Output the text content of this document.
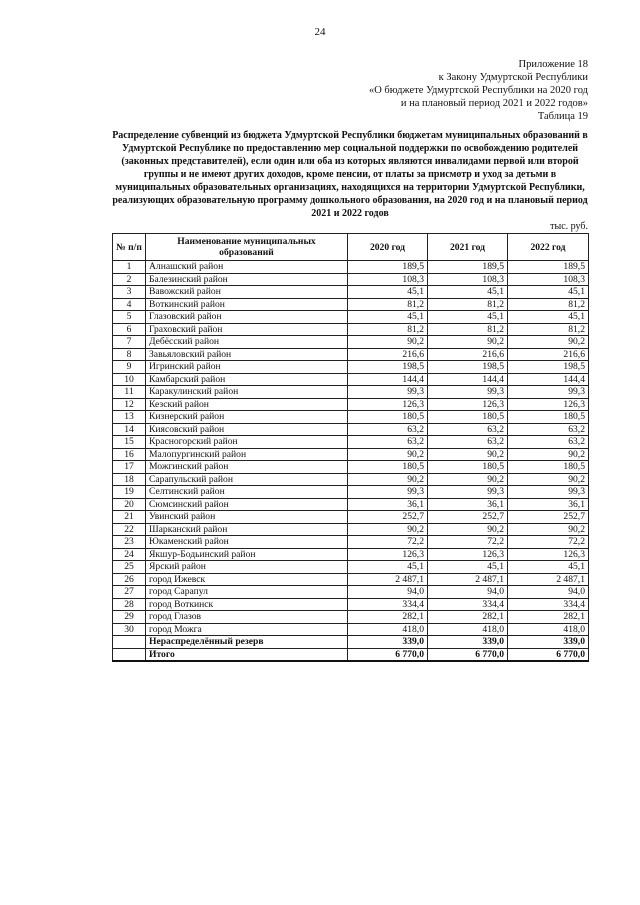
24
Приложение 18
к Закону Удмуртской Республики
«О бюджете Удмуртской Республики на 2020 год
и на плановый период 2021 и 2022 годов»
Таблица 19
Распределение субвенций из бюджета Удмуртской Республики бюджетам муниципальных образований в Удмуртской Республике по предоставлению мер социальной поддержки по освобождению родителей (законных представителей), если один или оба из которых являются инвалидами первой или второй группы и не имеют других доходов, кроме пенсии, от платы за присмотр и уход за детьми в муниципальных образовательных организациях, находящихся на территории Удмуртской Республики, реализующих образовательную программу дошкольного образования, на 2020 год и на плановый период 2021 и 2022 годов
тыс. руб.
№ п/п	Наименование муниципальных образований	2020 год	2021 год	2022 год
1	Алнашский район	189,5	189,5	189,5
2	Балезинский район	108,3	108,3	108,3
3	Вавожский район	45,1	45,1	45,1
4	Воткинский район	81,2	81,2	81,2
5	Глазовский район	45,1	45,1	45,1
6	Граховский район	81,2	81,2	81,2
7	Дебёсский район	90,2	90,2	90,2
8	Завьяловский район	216,6	216,6	216,6
9	Игринский район	198,5	198,5	198,5
10	Камбарский район	144,4	144,4	144,4
11	Каракулинский район	99,3	99,3	99,3
12	Кезский район	126,3	126,3	126,3
13	Кизнерский район	180,5	180,5	180,5
14	Киясовский район	63,2	63,2	63,2
15	Красногорский район	63,2	63,2	63,2
16	Малопургинский район	90,2	90,2	90,2
17	Можгинский район	180,5	180,5	180,5
18	Сарапульский район	90,2	90,2	90,2
19	Селтинский район	99,3	99,3	99,3
20	Сюмсинский район	36,1	36,1	36,1
21	Увинский район	252,7	252,7	252,7
22	Шарканский район	90,2	90,2	90,2
23	Юкаменский район	72,2	72,2	72,2
24	Якшур-Бодьинский район	126,3	126,3	126,3
25	Ярский район	45,1	45,1	45,1
26	город Ижевск	2 487,1	2 487,1	2 487,1
27	город Сарапул	94,0	94,0	94,0
28	город Воткинск	334,4	334,4	334,4
29	город Глазов	282,1	282,1	282,1
30	город Можга	418,0	418,0	418,0
	Нераспределённый резерв	339,0	339,0	339,0
	Итого	6 770,0	6 770,0	6 770,0
